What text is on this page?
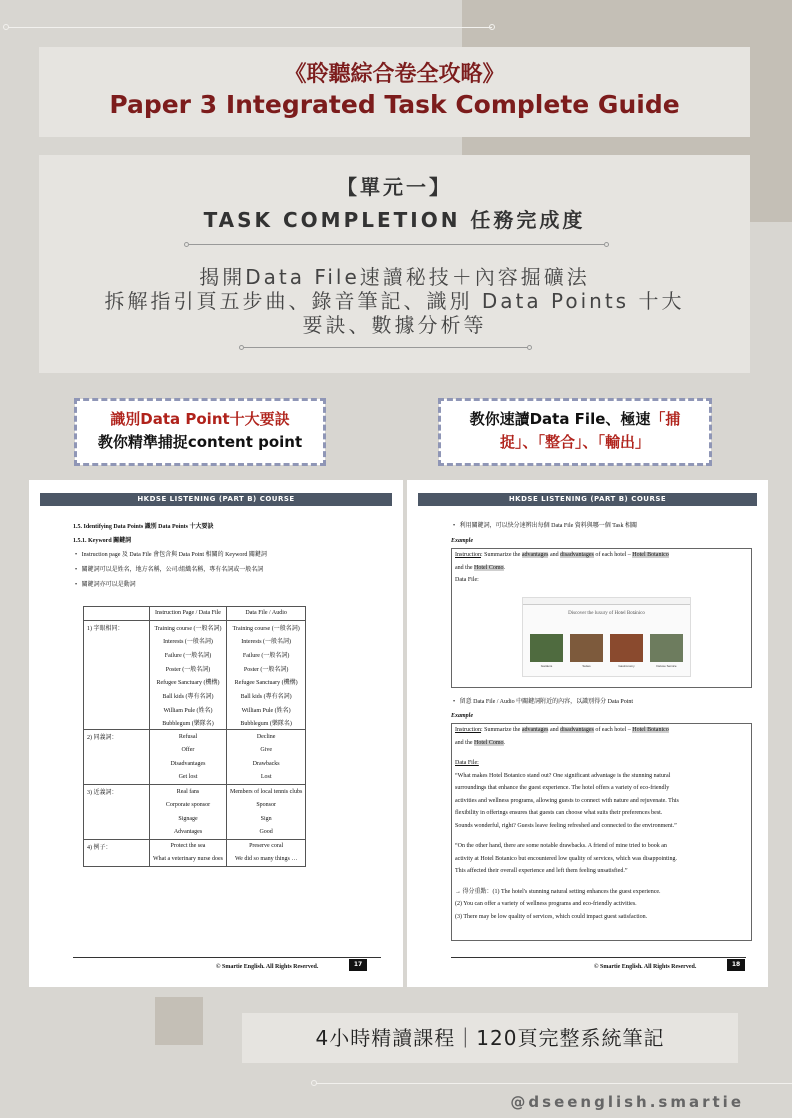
《聆聽綜合卷全攻略》
Paper 3 Integrated Task Complete Guide
【單元一】
TASK COMPLETION 任務完成度
揭開Data File速讀秘技＋內容掘礦法
拆解指引頁五步曲、錄音筆記、識別 Data Points 十大
要訣、數據分析等
識別Data Point十大要訣
教你精準捕捉content point
教你速讀Data File、極速「捕
捉」、「整合」、「輸出」
HKDSE LISTENING (PART B) COURSE
1.5. Identifying Data Points 識別 Data Points 十大要訣
1.5.1. Keyword 關鍵詞
•   Instruction page 及 Data File 會包含與 Data Point 相關的 Keyword 關鍵詞
•   關鍵詞可以是姓名，地方名稱，公司/組織名稱，專有名詞或一般名詞
•   關鍵詞亦可以是動詞
	Instruction Page / Data File	Data File / Audio
1) 字眼相同：	Training course (一般名詞)	Training course (一般名詞)
	Interests (一般名詞)	Interests (一般名詞)
	Failure (一般名詞)	Failure (一般名詞)
	Poster (一般名詞)	Poster (一般名詞)
	Refugee Sanctuary (機構)	Refugee Sanctuary (機構)
	Ball kids (專有名詞)	Ball kids (專有名詞)
	William Pule (姓名)	William Pule (姓名)
	Bubblegum (樂隊名)	Bubblegum (樂隊名)
2) 同義詞：	Refusal	Decline
	Offer	Give
	Disadvantages	Drawbacks
	Get lost	Lost
3) 近義詞：	Real fans	Members of local tennis clubs
	Corporate sponsor	Sponsor
	Signage	Sign
	Advantages	Good
4) 例子：	Protect the sea	Preserve coral
	What a veterinary nurse does	We did so many things …
© Smartie English. All Rights Reserved.	17
HKDSE LISTENING (PART B) COURSE
•   利用關鍵詞，可以快分速辨出每個 Data File 資料與哪一個 Task 相關
Example
Instruction: Summarize the advantages and disadvantages of each hotel – Hotel Botanico
and the Hotel Como.
Data File:
Discover the luxury of Hotel Botánico
Gardens	Suites	Gastronomy	Deluxe Service
•   留意 Data File / Audio 中關鍵詞附近的內容，以識別得分 Data Point
Example
Instruction: Summarize the advantages and disadvantages of each hotel – Hotel Botanico
and the Hotel Como.
Data File:
“What makes Hotel Botanico stand out? One significant advantage is the stunning natural
surroundings that enhance the guest experience. The hotel offers a variety of eco-friendly
activities and wellness programs, allowing guests to connect with nature and rejuvenate. This
flexibility in offerings ensures that guests can choose what suits their preferences best.
Sounds wonderful, right? Guests leave feeling refreshed and connected to the environment.”
“On the other hand, there are some notable drawbacks. A friend of mine tried to book an
activity at Hotel Botanico but encountered low quality of services, which was disappointing.
This affected their overall experience and left them feeling unsatisfied.”
→ 得分重點：(1) The hotel's stunning natural setting enhances the guest experience.
(2) You can offer a variety of wellness programs and eco-friendly activities.
(3) There may be low quality of services, which could impact guest satisfaction.
© Smartie English. All Rights Reserved.	18
4小時精讀課程｜120頁完整系統筆記
@dseenglish.smartie
